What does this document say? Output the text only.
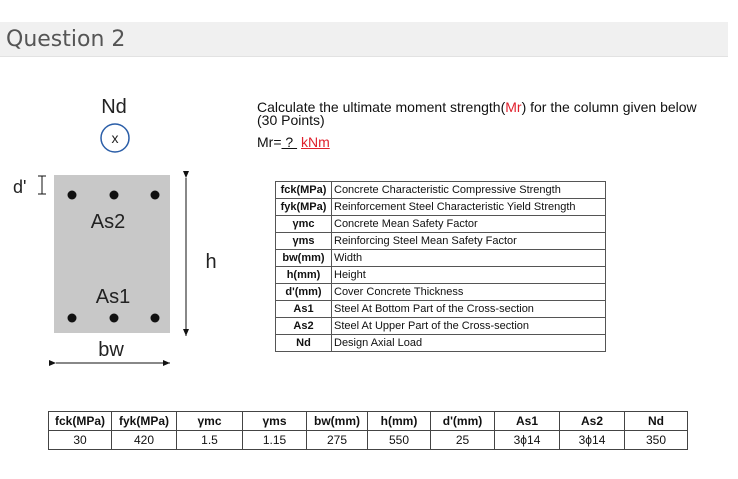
Question 2
Nd
x
As2
As1
d'
h
bw
Calculate the ultimate moment strength(Mr) for the column given below (30 Points)
Mr= ?  kNm
fck(MPa)	Concrete Characteristic Compressive Strength
fyk(MPa)	Reinforcement Steel Characteristic Yield Strength
γmc	Concrete Mean Safety Factor
γms	Reinforcing Steel Mean Safety Factor
bw(mm)	Width
h(mm)	Height
d'(mm)	Cover Concrete Thickness
As1	Steel At Bottom Part of the Cross-section
As2	Steel At Upper Part of the Cross-section
Nd	Design Axial Load
fck(MPa)	fyk(MPa)	γmc	γms	bw(mm)	h(mm)	d'(mm)	As1	As2	Nd
30	420	1.5	1.15	275	550	25	3ϕ14	3ϕ14	350
